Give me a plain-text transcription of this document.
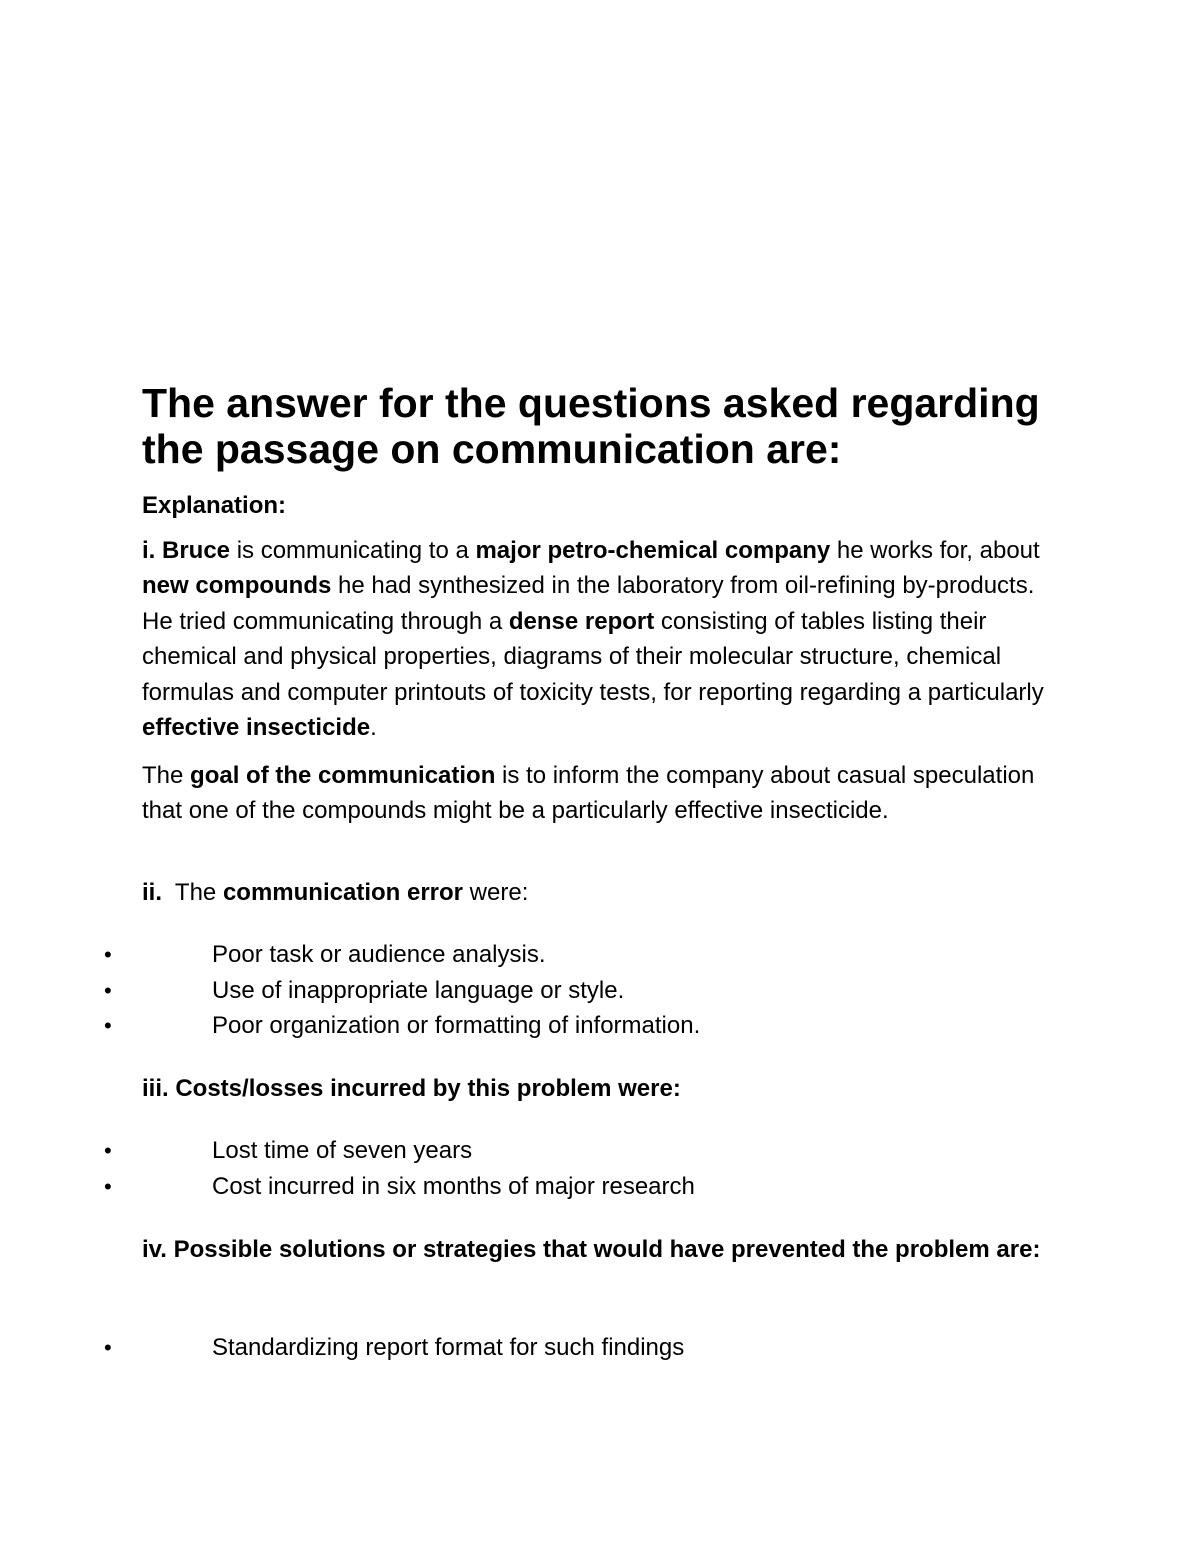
The answer for the questions asked regarding the passage on communication are:

Explanation:

i. Bruce is communicating to a major petro-chemical company he works for, about new compounds he had synthesized in the laboratory from oil-refining by-products. He tried communicating through a dense report consisting of tables listing their chemical and physical properties, diagrams of their molecular structure, chemical formulas and computer printouts of toxicity tests, for reporting regarding a particularly effective insecticide.

The goal of the communication is to inform the company about casual speculation that one of the compounds might be a particularly effective insecticide.

ii.  The communication error were:

•	Poor task or audience analysis.
•	Use of inappropriate language or style.
•	Poor organization or formatting of information.

iii. Costs/losses incurred by this problem were:

•	Lost time of seven years
•	Cost incurred in six months of major research

iv. Possible solutions or strategies that would have prevented the problem are:

•	Standardizing report format for such findings
